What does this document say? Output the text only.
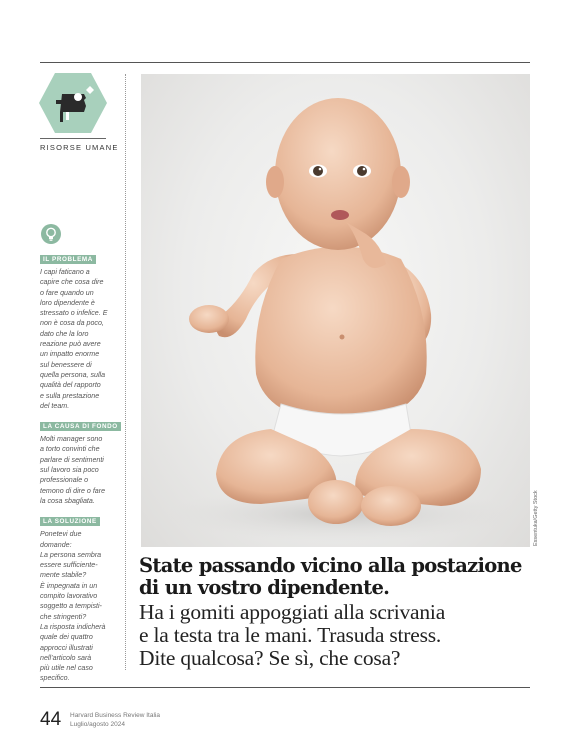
RISORSE UMANE
IL PROBLEMA
I capi faticano a
capire che cosa dire
o fare quando un
loro dipendente è
stressato o infelice. E
non è cosa da poco,
dato che la loro
reazione può avere
un impatto enorme
sul benessere di
quella persona, sulla
qualità del rapporto
e sulla prestazione
del team.
LA CAUSA DI FONDO
Molti manager sono
a torto convinti che
parlare di sentimenti
sul lavoro sia poco
professionale o
temono di dire o fare
la cosa sbagliata.
LA SOLUZIONE
Ponetevi due
domande:
La persona sembra
essere sufficiente-
mente stabile?
È impegnata in un
compito lavorativo
soggetto a tempisti-
che stringenti?
La risposta indicherà
quale dei quattro
approcci illustrati
nell’articolo sarà
più utile nel caso
specifico.
Essentuka/Getty Stock
State passando vicino alla postazione
di un vostro dipendente.
Ha i gomiti appoggiati alla scrivania
e la testa tra le mani. Trasuda stress.
Dite qualcosa? Se sì, che cosa?
44 Harvard Business Review Italia
Luglio/agosto 2024
